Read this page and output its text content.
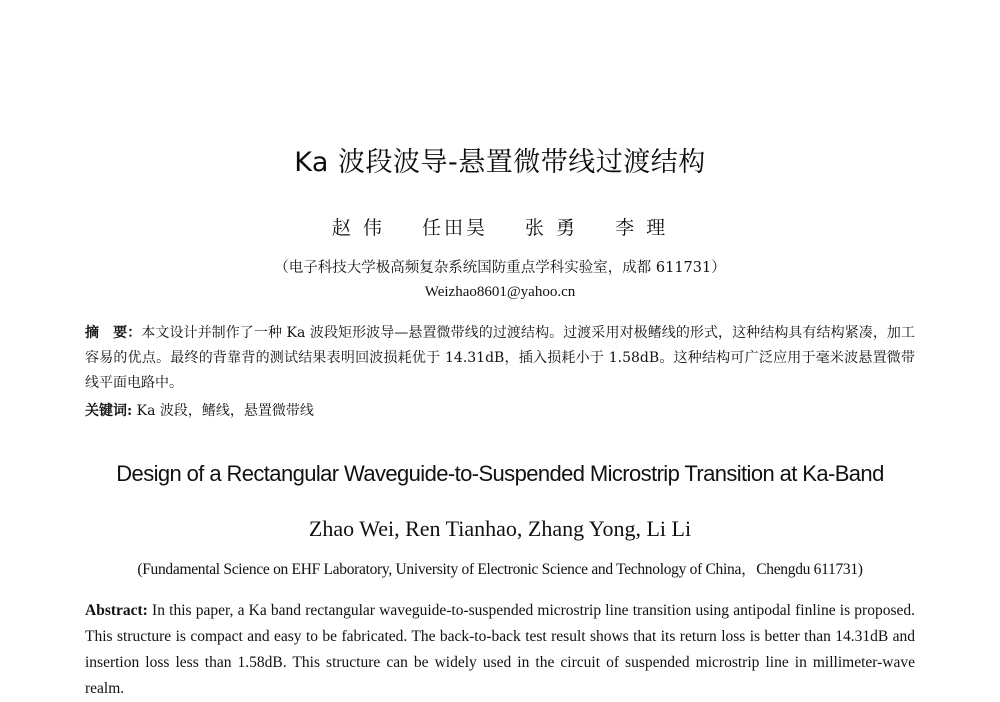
Ka 波段波导-悬置微带线过渡结构
赵 伟 任田昊 张 勇 李 理
（电子科技大学极高频复杂系统国防重点学科实验室，成都 611731）
Weizhao8601@yahoo.cn
摘　要：本文设计并制作了一种 Ka 波段矩形波导—悬置微带线的过渡结构。过渡采用对极鳍线的形式，这种结构具有结构紧凑，加工容易的优点。最终的背靠背的测试结果表明回波损耗优于 14.31dB，插入损耗小于 1.58dB。这种结构可广泛应用于毫米波悬置微带线平面电路中。
关键词: Ka 波段，鳍线，悬置微带线
Design of a Rectangular Waveguide-to-Suspended Microstrip Transition at Ka-Band
Zhao Wei, Ren Tianhao, Zhang Yong, Li Li
(Fundamental Science on EHF Laboratory, University of Electronic Science and Technology of China，Chengdu 611731)
Abstract: In this paper, a Ka band rectangular waveguide-to-suspended microstrip line transition using antipodal finline is proposed. This structure is compact and easy to be fabricated. The back-to-back test result shows that its return loss is better than 14.31dB and insertion loss less than 1.58dB. This structure can be widely used in the circuit of suspended microstrip line in millimeter-wave realm.
